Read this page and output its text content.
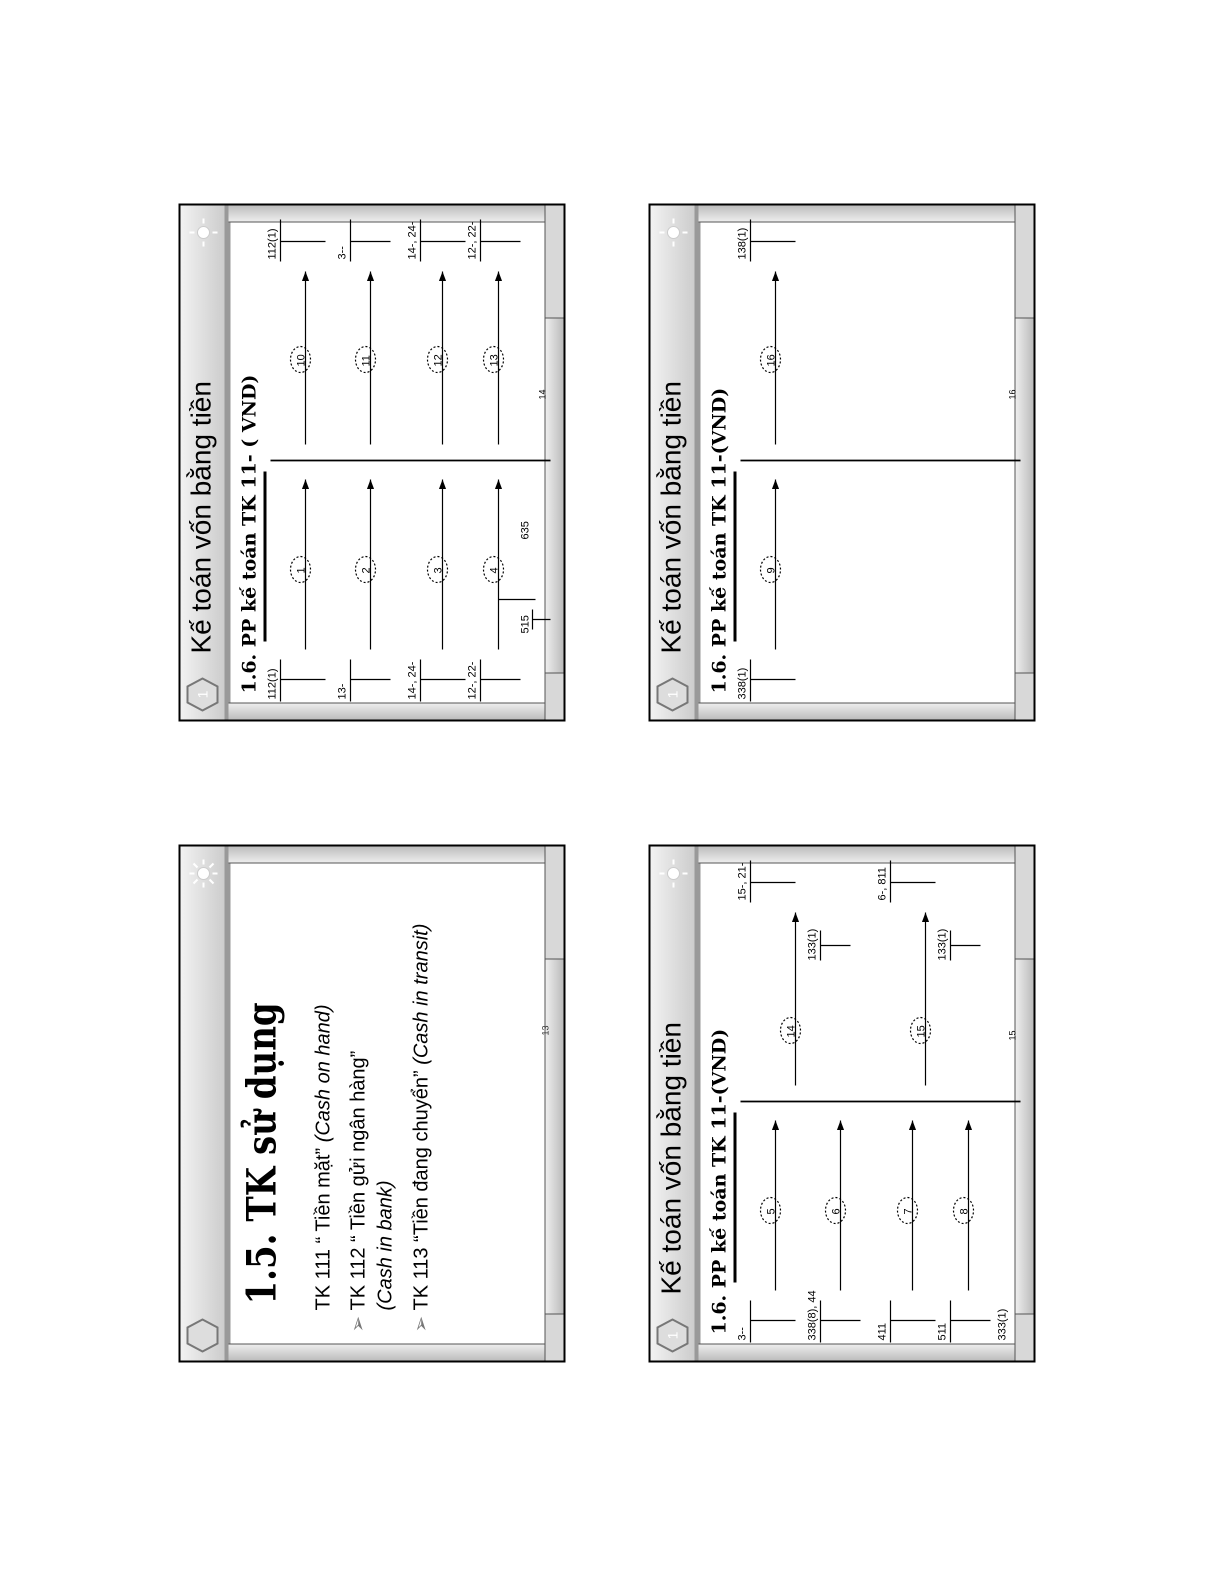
1.5. TK sử dụng TK 111 “ Tiền mặt” (Cash on hand)
➢TK 112 “ Tiền gửi ngân hàng”
(Cash in bank)
➢TK 113 “Tiền đang chuyển” (Cash in transit)	13
1
Kế toán vốn bằng tiền 1.6. PP kế toán TK 11- ( VND) 112(1)	13-	14-, 24-	12-, 22-
515
1	2	3	4
10	11	12	13
112(1)	3--	14-, 24-	12-, 22-
635
14
1
Kế toán vốn bằng tiền 1.6. PP kế toán TK 11-(VND) 3--	338(8), 44	411	511	333(1)
5	6	7	8
14	15
15-, 21-
133(1)
6-, 811
133(1)
15
1
Kế toán vốn bằng tiền 1.6. PP kế toán TK 11-(VND) 338(1)
138(1)
9
16
16
